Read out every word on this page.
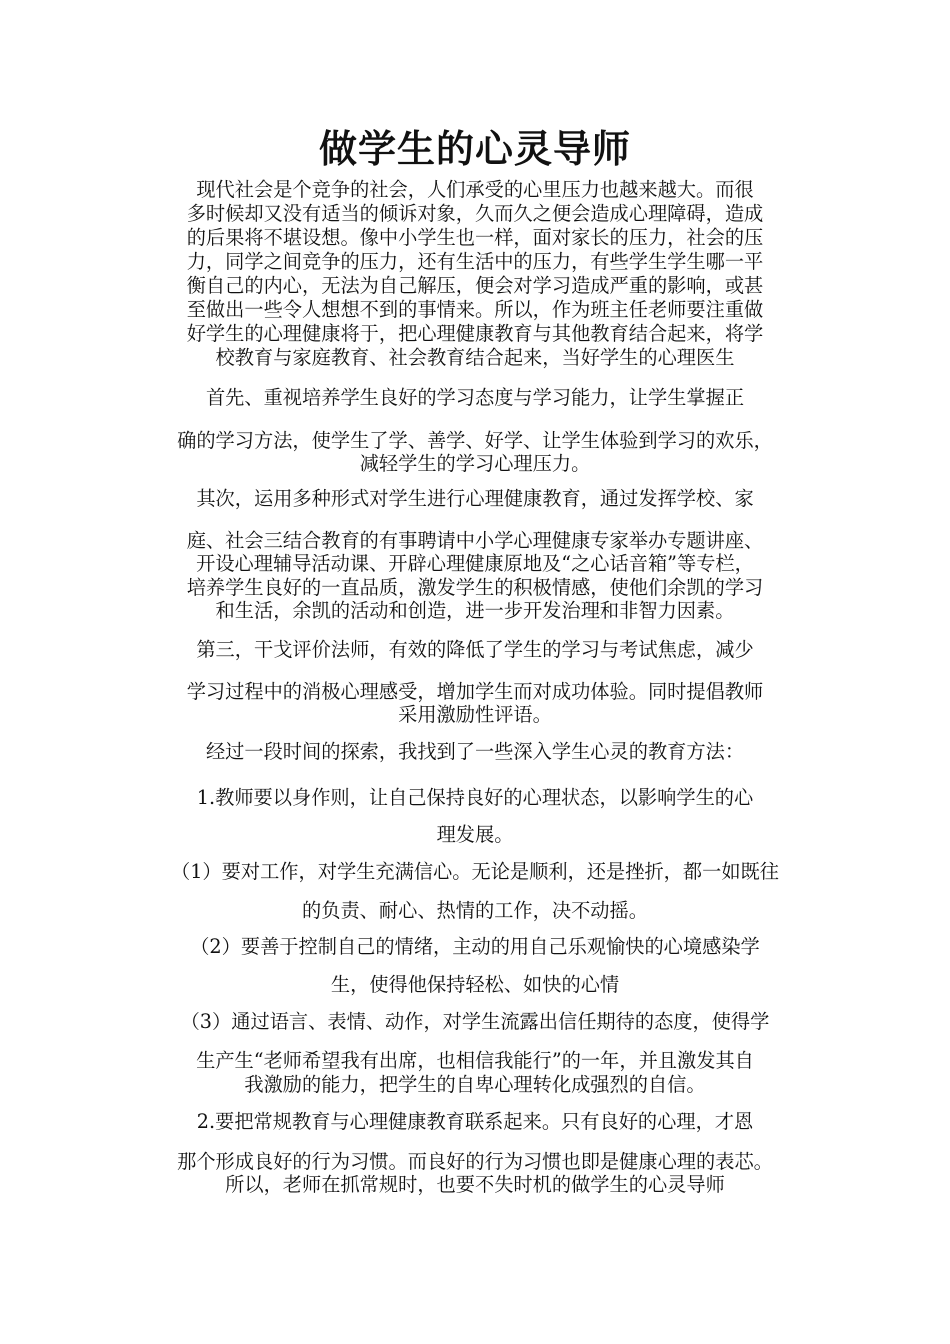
做学生的心灵导师
现代社会是个竞争的社会，人们承受的心里压力也越来越大。而很
多时候却又没有适当的倾诉对象，久而久之便会造成心理障碍，造成
的后果将不堪设想。像中小学生也一样，面对家长的压力，社会的压
力，同学之间竞争的压力，还有生活中的压力，有些学生学生哪一平
衡自己的内心，无法为自己解压，便会对学习造成严重的影响，或甚
至做出一些令人想想不到的事情来。所以，作为班主任老师要注重做
好学生的心理健康将于，把心理健康教育与其他教育结合起来，将学
校教育与家庭教育、社会教育结合起来，当好学生的心理医生
首先、重视培养学生良好的学习态度与学习能力，让学生掌握正
确的学习方法，使学生了学、善学、好学、让学生体验到学习的欢乐，
减轻学生的学习心理压力。
其次，运用多种形式对学生进行心理健康教育，通过发挥学校、家
庭、社会三结合教育的有事聘请中小学心理健康专家举办专题讲座、
开设心理辅导活动课、开辟心理健康原地及“之心话音箱”等专栏，
培养学生良好的一直品质，激发学生的积极情感，使他们余凯的学习
和生活，余凯的活动和创造，进一步开发治理和非智力因素。
第三，干戈评价法师，有效的降低了学生的学习与考试焦虑，减少
学习过程中的消极心理感受，增加学生而对成功体验。同时提倡教师
采用激励性评语。
经过一段时间的探索，我找到了一些深入学生心灵的教育方法：
1.教师要以身作则，让自己保持良好的心理状态，以影响学生的心
理发展。
（1）要对工作，对学生充满信心。无论是顺利，还是挫折，都一如既往
的负责、耐心、热情的工作，决不动摇。
（2）要善于控制自己的情绪，主动的用自己乐观愉快的心境感染学
生，使得他保持轻松、如快的心情
（3）通过语言、表情、动作，对学生流露出信任期待的态度，使得学
生产生“老师希望我有出席，也相信我能行”的一年，并且激发其自
我激励的能力，把学生的自卑心理转化成强烈的自信。
2.要把常规教育与心理健康教育联系起来。只有良好的心理，才恩
那个形成良好的行为习惯。而良好的行为习惯也即是健康心理的表芯。
所以，老师在抓常规时，也要不失时机的做学生的心灵导师
